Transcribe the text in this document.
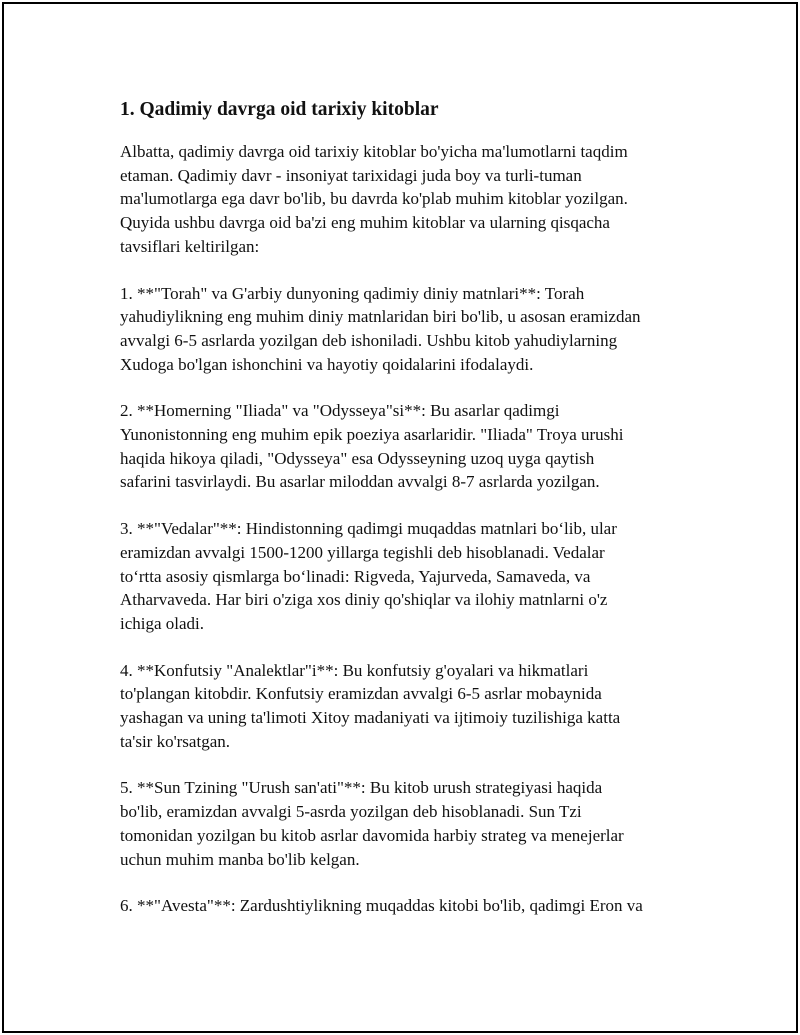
1. Qadimiy davrga oid tarixiy kitoblar

Albatta, qadimiy davrga oid tarixiy kitoblar bo'yicha ma'lumotlarni taqdim
etaman. Qadimiy davr - insoniyat tarixidagi juda boy va turli-tuman
ma'lumotlarga ega davr bo'lib, bu davrda ko'plab muhim kitoblar yozilgan.
Quyida ushbu davrga oid ba'zi eng muhim kitoblar va ularning qisqacha
tavsiflari keltirilgan:

1. **"Torah" va G'arbiy dunyoning qadimiy diniy matnlari**: Torah
yahudiylikning eng muhim diniy matnlaridan biri bo'lib, u asosan eramizdan
avvalgi 6-5 asrlarda yozilgan deb ishoniladi. Ushbu kitob yahudiylarning
Xudoga bo'lgan ishonchini va hayotiy qoidalarini ifodalaydi.

2. **Homerning "Iliada" va "Odysseya"si**: Bu asarlar qadimgi
Yunonistonning eng muhim epik poeziya asarlaridir. "Iliada" Troya urushi
haqida hikoya qiladi, "Odysseya" esa Odysseyning uzoq uyga qaytish
safarini tasvirlaydi. Bu asarlar miloddan avvalgi 8-7 asrlarda yozilgan.

3. **"Vedalar"**: Hindistonning qadimgi muqaddas matnlari bo‘lib, ular
eramizdan avvalgi 1500-1200 yillarga tegishli deb hisoblanadi. Vedalar
to‘rtta asosiy qismlarga bo‘linadi: Rigveda, Yajurveda, Samaveda, va
Atharvaveda. Har biri o'ziga xos diniy qo'shiqlar va ilohiy matnlarni o'z
ichiga oladi.

4. **Konfutsiy "Analektlar"i**: Bu konfutsiy g'oyalari va hikmatlari
to'plangan kitobdir. Konfutsiy eramizdan avvalgi 6-5 asrlar mobaynida
yashagan va uning ta'limoti Xitoy madaniyati va ijtimoiy tuzilishiga katta
ta'sir ko'rsatgan.

5. **Sun Tzining "Urush san'ati"**: Bu kitob urush strategiyasi haqida
bo'lib, eramizdan avvalgi 5-asrda yozilgan deb hisoblanadi. Sun Tzi
tomonidan yozilgan bu kitob asrlar davomida harbiy strateg va menejerlar
uchun muhim manba bo'lib kelgan.

6. **"Avesta"**: Zardushtiylikning muqaddas kitobi bo'lib, qadimgi Eron va
